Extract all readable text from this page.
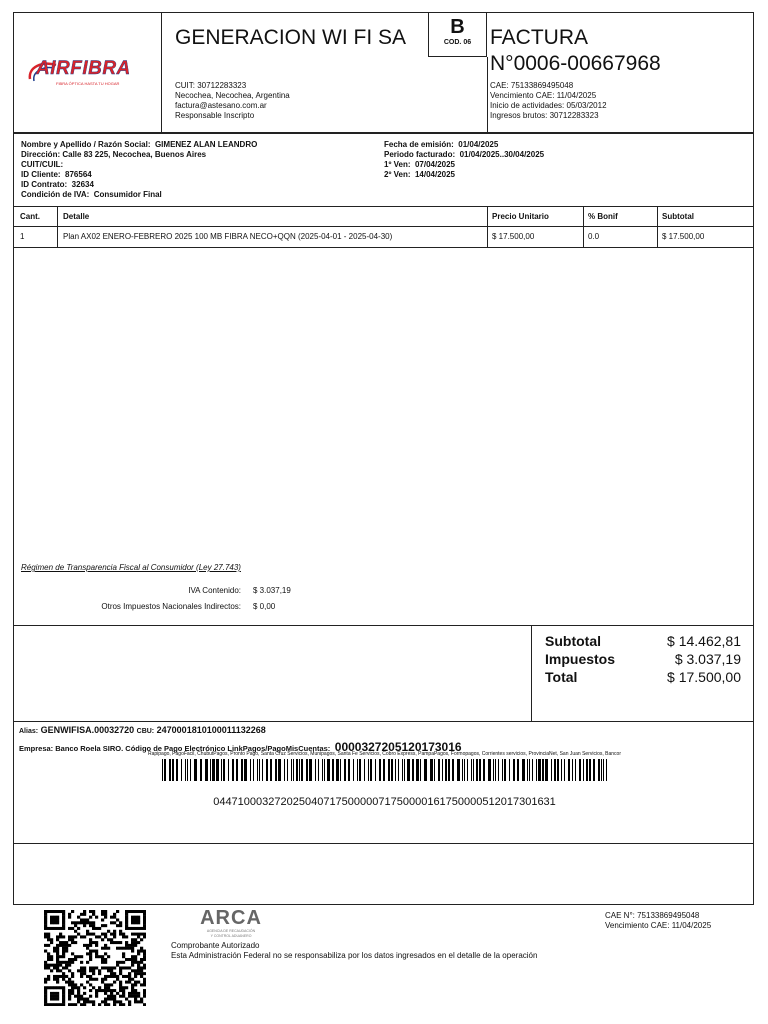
AIRFIBRA
FIBRA ÓPTICA HASTA TU HOGAR
GENERACION WI FI SA
CUIT: 30712283323
Necochea, Necochea, Argentina
factura@astesano.com.ar
Responsable Inscripto
FACTURA
N°0006-00667968
CAE: 75133869495048
Vencimiento CAE: 11/04/2025
Inicio de actividades: 05/03/2012
Ingresos brutos: 30712283323
B
COD. 06
Nombre y Apellido / Razón Social: GIMENEZ ALAN LEANDRO
Dirección: Calle 83 225, Necochea, Buenos Aires
CUIT/CUIL:
ID Cliente: 876564
ID Contrato: 32634
Condición de IVA: Consumidor Final
Fecha de emisión: 01/04/2025
Periodo facturado: 01/04/2025..30/04/2025
1º Ven: 07/04/2025
2º Ven: 14/04/2025
Cant.	Detalle	Precio Unitario	% Bonif	Subtotal
1	Plan AX02 ENERO-FEBRERO 2025 100 MB FIBRA NECO+QQN (2025-04-01 - 2025-04-30)	$ 17.500,00	0.0	$ 17.500,00
Régimen de Transparencia Fiscal al Consumidor (Ley 27.743)
IVA Contenido: $ 3.037,19
Otros Impuestos Nacionales Indirectos: $ 0,00
Subtotal	$ 14.462,81
Impuestos	$ 3.037,19
Total	$ 17.500,00
Alias: GENWIFISA.00032720 CBU: 2470001810100011132268
Empresa: Banco Roela SIRO. Código de Pago Electrónico LinkPagos/PagoMisCuentas: 0000327205120173016
Rapipago, PagoFacil, ChubutPagos, Pronto Pago, Santa Cruz Servicios, Munipagos, Santa Fe Servicios, Cobro Express, PampaPagos, Formopagos, Corrientes servicios, ProvinciaNet, San Juan Servicios, Bancor
04471000327202504071750000071750000161750000512017301631
ARCA
AGENCIA DE RECAUDACIÓN
Y CONTROL ADUANERO
Comprobante Autorizado
Esta Administración Federal no se responsabiliza por los datos ingresados en el detalle de la operación
CAE N°: 75133869495048
Vencimiento CAE: 11/04/2025
